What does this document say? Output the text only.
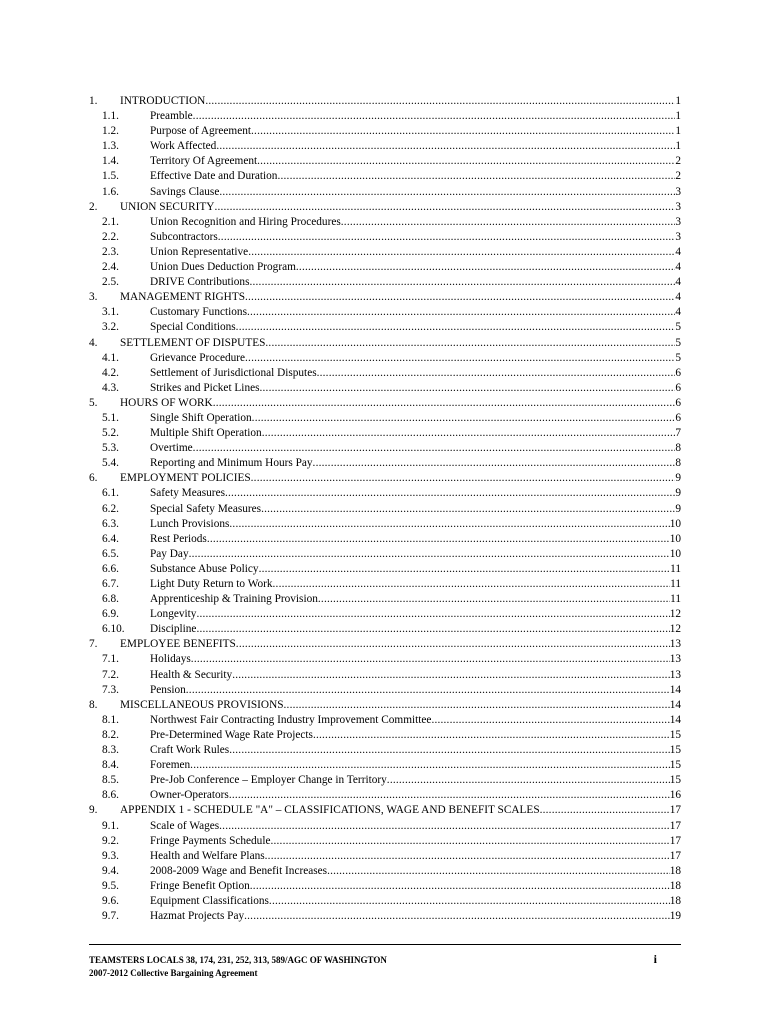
1. INTRODUCTION .....	1
1.1.	Preamble .....	1
1.2.	Purpose of Agreement .....	1
1.3.	Work Affected .....	1
1.4.	Territory Of Agreement .....	2
1.5.	Effective Date and Duration .....	2
1.6.	Savings Clause .....	3
2. UNION SECURITY .....	3
2.1.	Union Recognition and Hiring Procedures .....	3
2.2.	Subcontractors .....	3
2.3.	Union Representative .....	4
2.4.	Union Dues Deduction Program .....	4
2.5.	DRIVE Contributions .....	4
3. MANAGEMENT RIGHTS .....	4
3.1.	Customary Functions .....	4
3.2.	Special Conditions .....	5
4. SETTLEMENT OF DISPUTES .....	5
4.1.	Grievance Procedure .....	5
4.2.	Settlement of Jurisdictional Disputes .....	6
4.3.	Strikes and Picket Lines .....	6
5. HOURS OF WORK .....	6
5.1.	Single Shift Operation .....	6
5.2.	Multiple Shift Operation .....	7
5.3.	Overtime .....	8
5.4.	Reporting and Minimum Hours Pay .....	8
6. EMPLOYMENT POLICIES .....	9
6.1.	Safety Measures .....	9
6.2.	Special Safety Measures .....	9
6.3.	Lunch Provisions .....	10
6.4.	Rest Periods .....	10
6.5.	Pay Day .....	10
6.6.	Substance Abuse Policy .....	11
6.7.	Light Duty Return to Work .....	11
6.8.	Apprenticeship & Training Provision .....	11
6.9.	Longevity .....	12
6.10. Discipline .....	12
7. EMPLOYEE BENEFITS .....	13
7.1.	Holidays .....	13
7.2.	Health & Security .....	13
7.3.	Pension .....	14
8. MISCELLANEOUS PROVISIONS .....	14
8.1.	Northwest Fair Contracting Industry Improvement Committee .....	14
8.2.	Pre-Determined Wage Rate Projects .....	15
8.3.	Craft Work Rules .....	15
8.4.	Foremen .....	15
8.5.	Pre-Job Conference – Employer Change in Territory .....	15
8.6.	Owner-Operators .....	16
9. APPENDIX 1 - SCHEDULE "A" – CLASSIFICATIONS, WAGE AND BENEFIT SCALES .....	17
9.1.	Scale of Wages .....	17
9.2.	Fringe Payments Schedule .....	17
9.3.	Health and Welfare Plans .....	17
9.4.	2008-2009 Wage and Benefit Increases .....	18
9.5.	Fringe Benefit Option .....	18
9.6.	Equipment Classifications .....	18
9.7.	Hazmat Projects Pay .....	19
TEAMSTERS LOCALS 38, 174, 231, 252, 313, 589/AGC OF WASHINGTON
2007-2012 Collective Bargaining Agreement
i
